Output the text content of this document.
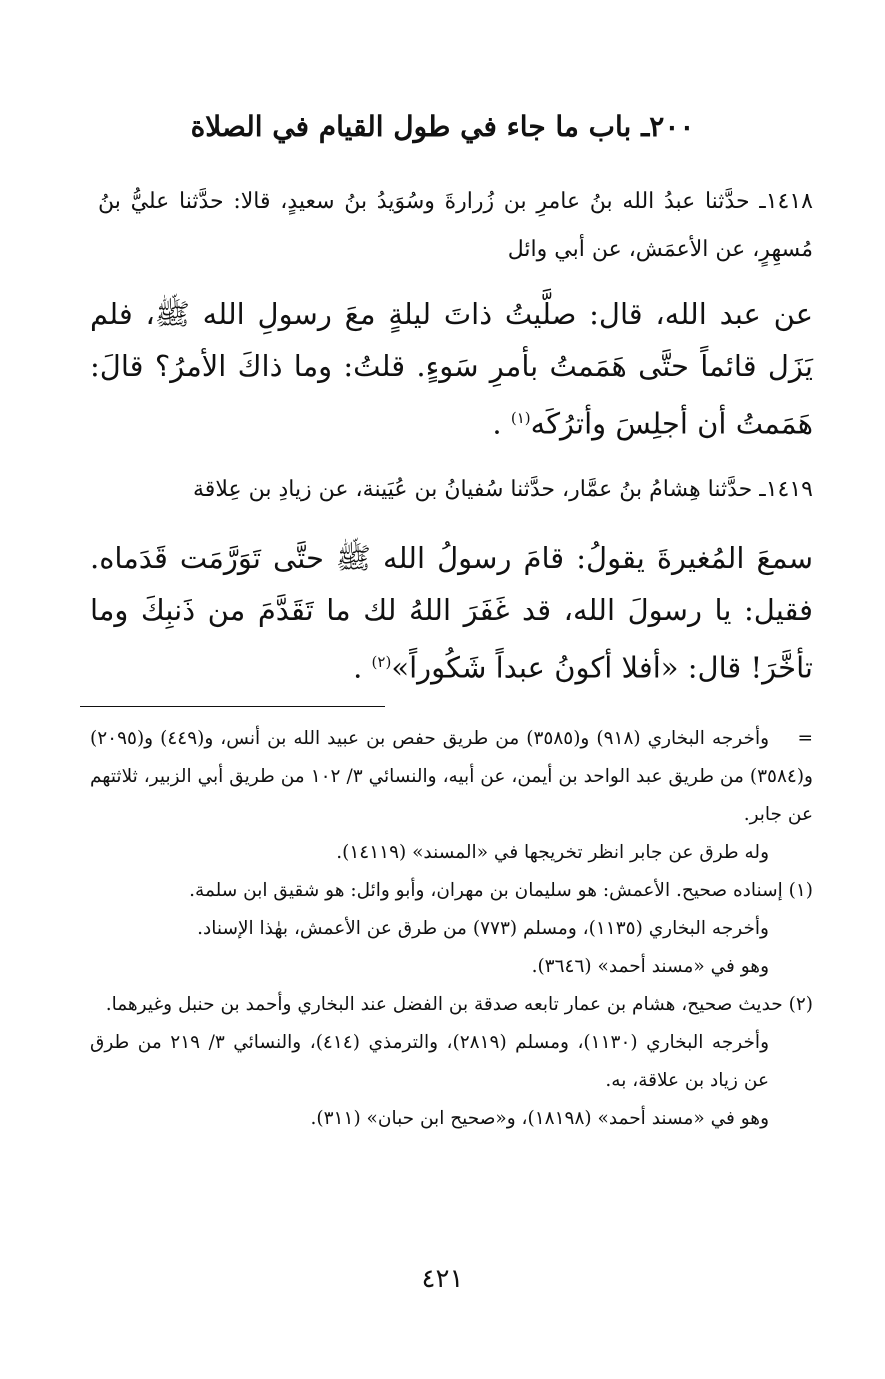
٢٠٠ـ باب ما جاء في طول القيام في الصلاة

١٤١٨ـ حدَّثنا عبدُ الله بنُ عامرِ بن زُرارةَ وسُوَيدُ بنُ سعيدٍ، قالا: حدَّثنا عليُّ بنُ مُسهِرٍ، عن الأعمَش، عن أبي وائل

عن عبد الله، قال: صلَّيتُ ذاتَ ليلةٍ معَ رسولِ الله ﷺ، فلم يَزَل قائماً حتَّى هَمَمتُ بأمرِ سَوءٍ. قلتُ: وما ذاكَ الأمرُ؟ قالَ: هَمَمتُ أن أجلِسَ وأترُكَه$^{(١)}$ .

١٤١٩ـ حدَّثنا هِشامُ بنُ عمَّار، حدَّثنا سُفيانُ بن عُيَينة، عن زيادِ بن عِلاقة

سمعَ المُغيرةَ يقولُ: قامَ رسولُ الله ﷺ حتَّى تَوَرَّمَت قَدَماه. فقيل: يا رسولَ الله، قد غَفَرَ اللهُ لك ما تَقَدَّمَ من ذَنبِكَ وما تأخَّرَ! قال: «أفلا أكونُ عبداً شَكُوراً»$^{(٢)}$ .

=وأخرجه البخاري (٩١٨) و(٣٥٨٥) من طريق حفص بن عبيد الله بن أنس، و(٤٤٩) و(٢٠٩٥) و(٣٥٨٤) من طريق عبد الواحد بن أيمن، عن أبيه، والنسائي ٣/ ١٠٢ من طريق أبي الزبير، ثلاثتهم عن جابر.

وله طرق عن جابر انظر تخريجها في «المسند» (١٤١١٩).

(١) إسناده صحيح. الأعمش: هو سليمان بن مهران، وأبو وائل: هو شقيق ابن سلمة.

وأخرجه البخاري (١١٣٥)، ومسلم (٧٧٣) من طرق عن الأعمش، بهٰذا الإسناد.

وهو في «مسند أحمد» (٣٦٤٦).

(٢) حديث صحيح، هشام بن عمار تابعه صدقة بن الفضل عند البخاري وأحمد بن حنبل وغيرهما.

وأخرجه البخاري (١١٣٠)، ومسلم (٢٨١٩)، والترمذي (٤١٤)، والنسائي ٣/ ٢١٩ من طرق عن زياد بن علاقة، به.

وهو في «مسند أحمد» (١٨١٩٨)، و«صحيح ابن حبان» (٣١١).

٤٢١
